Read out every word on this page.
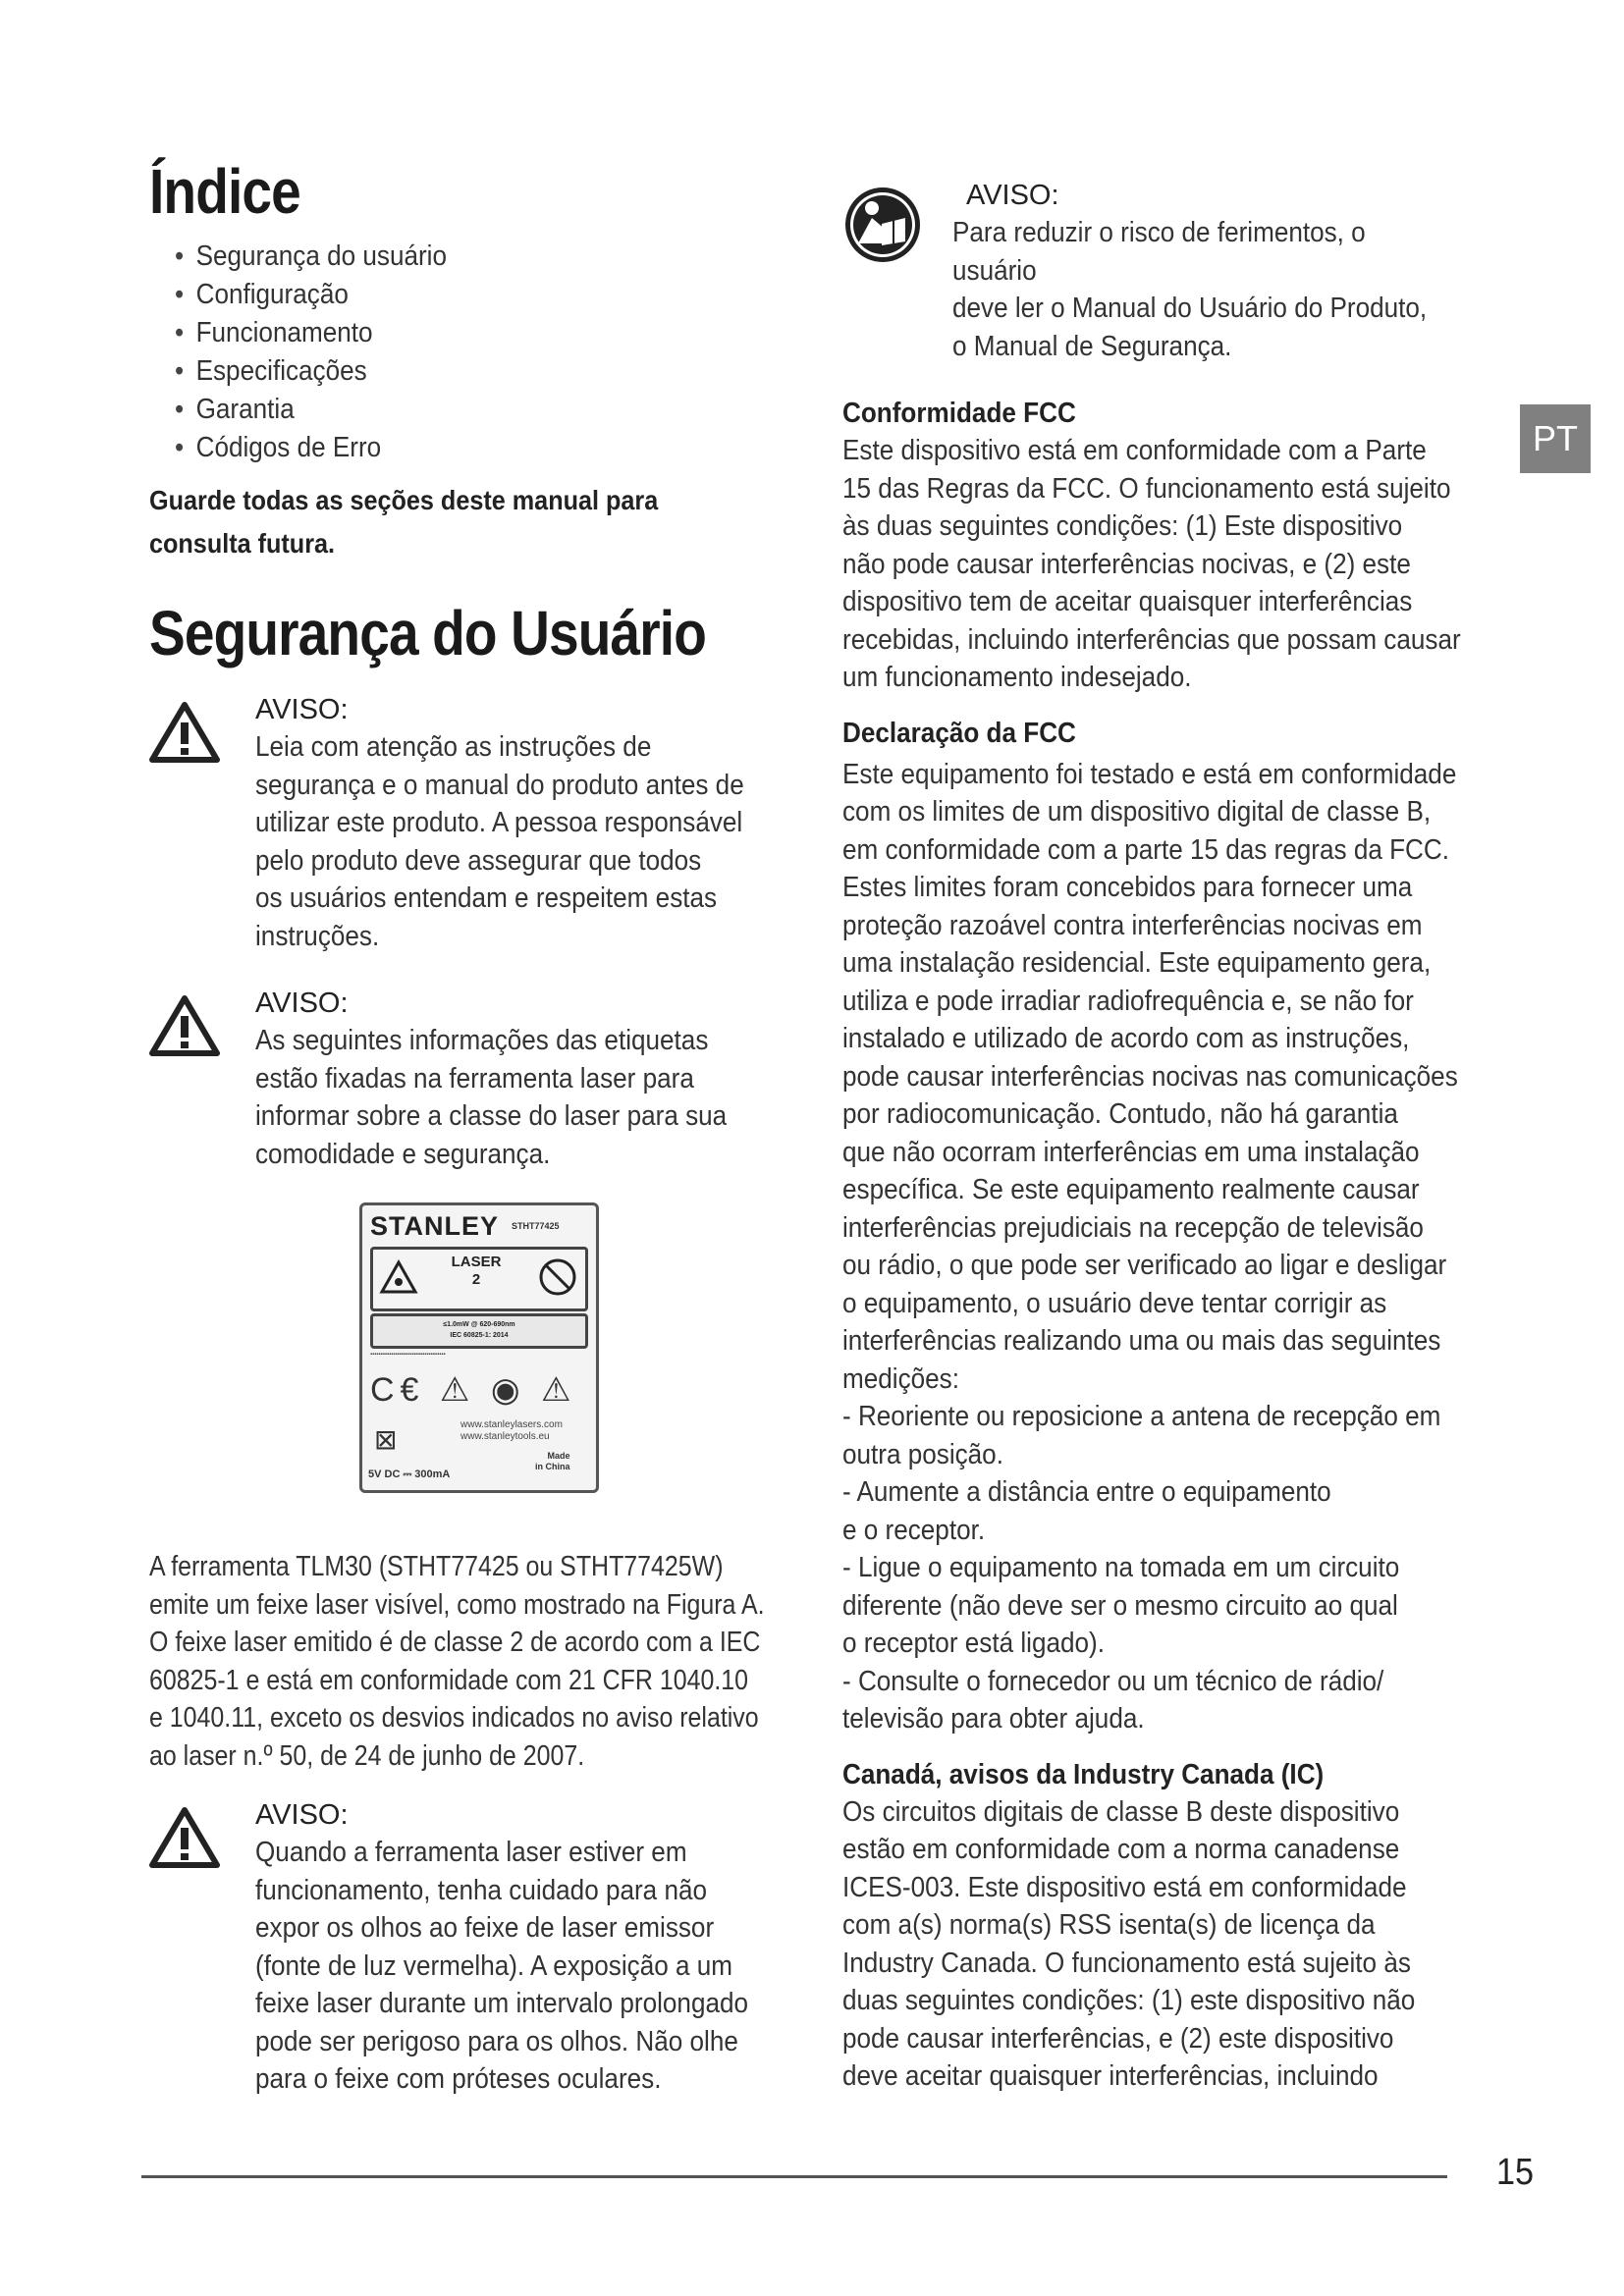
Índice
• Segurança do usuário
• Configuração
• Funcionamento
• Especificações
• Garantia
• Códigos de Erro
Guarde todas as seções deste manual para
consulta futura.
Segurança do Usuário
AVISO:
Leia com atenção as instruções de
segurança e o manual do produto antes de
utilizar este produto. A pessoa responsável
pelo produto deve assegurar que todos
os usuários entendam e respeitem estas
instruções.
AVISO:
As seguintes informações das etiquetas
estão fixadas na ferramenta laser para
informar sobre a classe do laser para sua
comodidade e segurança.
STANLEY STHT77425
LASER
2
≤1.0mW @ 620-690nm
IEC 60825-1: 2014
▪▪▪▪▪▪▪▪▪▪▪▪▪▪▪▪▪▪▪▪▪▪▪▪▪▪▪▪▪▪▪▪▪▪▪▪
C€ ⚠ ◉ ⚠
⊠	www.stanleylasers.com
www.stanleytools.eu
Made
in China
5V DC ⎓ 300mA
A ferramenta TLM30 (STHT77425 ou STHT77425W)
emite um feixe laser visível, como mostrado na Figura A.
O feixe laser emitido é de classe 2 de acordo com a IEC
60825-1 e está em conformidade com 21 CFR 1040.10
e 1040.11, exceto os desvios indicados no aviso relativo
ao laser n.º 50, de 24 de junho de 2007.
AVISO:
Quando a ferramenta laser estiver em
funcionamento, tenha cuidado para não
expor os olhos ao feixe de laser emissor
(fonte de luz vermelha). A exposição a um
feixe laser durante um intervalo prolongado
pode ser perigoso para os olhos. Não olhe
para o feixe com próteses oculares.
AVISO:
Para reduzir o risco de ferimentos, o usuário
deve ler o Manual do Usuário do Produto,
o Manual de Segurança.
Conformidade FCC
Este dispositivo está em conformidade com a Parte
15 das Regras da FCC. O funcionamento está sujeito
às duas seguintes condições: (1) Este dispositivo
não pode causar interferências nocivas, e (2) este
dispositivo tem de aceitar quaisquer interferências
recebidas, incluindo interferências que possam causar
um funcionamento indesejado.
Declaração da FCC
Este equipamento foi testado e está em conformidade
com os limites de um dispositivo digital de classe B,
em conformidade com a parte 15 das regras da FCC.
Estes limites foram concebidos para fornecer uma
proteção razoável contra interferências nocivas em
uma instalação residencial. Este equipamento gera,
utiliza e pode irradiar radiofrequência e, se não for
instalado e utilizado de acordo com as instruções,
pode causar interferências nocivas nas comunicações
por radiocomunicação. Contudo, não há garantia
que não ocorram interferências em uma instalação
específica. Se este equipamento realmente causar
interferências prejudiciais na recepção de televisão
ou rádio, o que pode ser verificado ao ligar e desligar
o equipamento, o usuário deve tentar corrigir as
interferências realizando uma ou mais das seguintes
medições:
- Reoriente ou reposicione a antena de recepção em
outra posição.
- Aumente a distância entre o equipamento
e o receptor.
- Ligue o equipamento na tomada em um circuito
diferente (não deve ser o mesmo circuito ao qual
o receptor está ligado).
- Consulte o fornecedor ou um técnico de rádio/
televisão para obter ajuda.
Canadá, avisos da Industry Canada (IC)
Os circuitos digitais de classe B deste dispositivo
estão em conformidade com a norma canadense
ICES-003. Este dispositivo está em conformidade
com a(s) norma(s) RSS isenta(s) de licença da
Industry Canada. O funcionamento está sujeito às
duas seguintes condições: (1) este dispositivo não
pode causar interferências, e (2) este dispositivo
deve aceitar quaisquer interferências, incluindo
PT
15
